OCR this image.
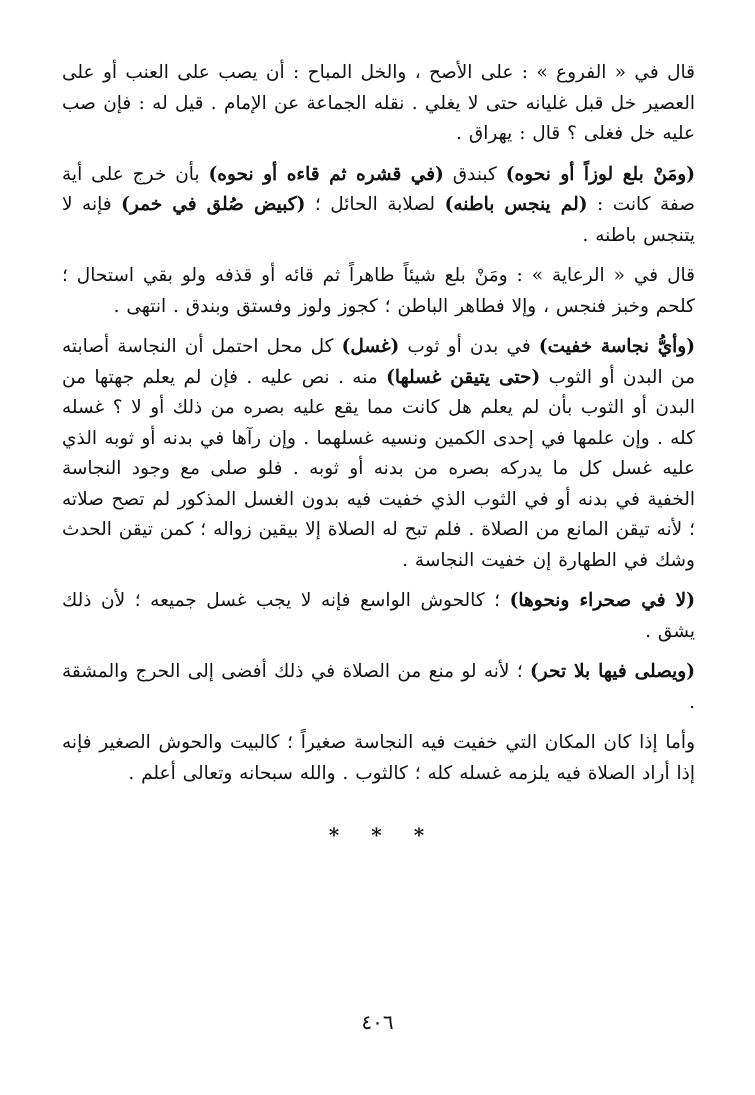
قال في « الفروع » : على الأصح ، والخل المباح : أن يصب على العنب أو على العصير خل قبل غليانه حتى لا يغلي . نقله الجماعة عن الإمام . قيل له : فإن صب عليه خل فغلى ؟ قال : يهراق .

(ومَنْ بلع لوزاً أو نحوه) كبندق (في قشره ثم قاءه أو نحوه) بأن خرج على أية صفة كانت : (لم ينجس باطنه) لصلابة الحائل ؛ (كبيض صُلق في خمر) فإنه لا يتنجس باطنه .

قال في « الرعاية » : ومَنْ بلع شيئاً طاهراً ثم قائه أو قذفه ولو بقي استحال ؛ كلحم وخبز فنجس ، وإلا فطاهر الباطن ؛ كجوز ولوز وفستق وبندق . انتهى .

(وأيُّ نجاسة خفيت) في بدن أو ثوب (غسل) كل محل احتمل أن النجاسة أصابته من البدن أو الثوب (حتى يتيقن غسلها) منه . نص عليه . فإن لم يعلم جهتها من البدن أو الثوب بأن لم يعلم هل كانت مما يقع عليه بصره من ذلك أو لا ؟ غسله كله . وإن علمها في إحدى الكمين ونسيه غسلهما . وإن رآها في بدنه أو ثوبه الذي عليه غسل كل ما يدركه بصره من بدنه أو ثوبه . فلو صلى مع وجود النجاسة الخفية في بدنه أو في الثوب الذي خفيت فيه بدون الغسل المذكور لم تصح صلاته ؛ لأنه تيقن المانع من الصلاة . فلم تبح له الصلاة إلا بيقين زواله ؛ كمن تيقن الحدث وشك في الطهارة إن خفيت النجاسة .

(لا في صحراء ونحوها) ؛ كالحوش الواسع فإنه لا يجب غسل جميعه ؛ لأن ذلك يشق .

(ويصلى فيها بلا تحر) ؛ لأنه لو منع من الصلاة في ذلك أفضى إلى الحرج والمشقة .

وأما إذا كان المكان التي خفيت فيه النجاسة صغيراً ؛ كالبيت والحوش الصغير فإنه إذا أراد الصلاة فيه يلزمه غسله كله ؛ كالثوب . والله سبحانه وتعالى أعلم .

***
٤٠٦
